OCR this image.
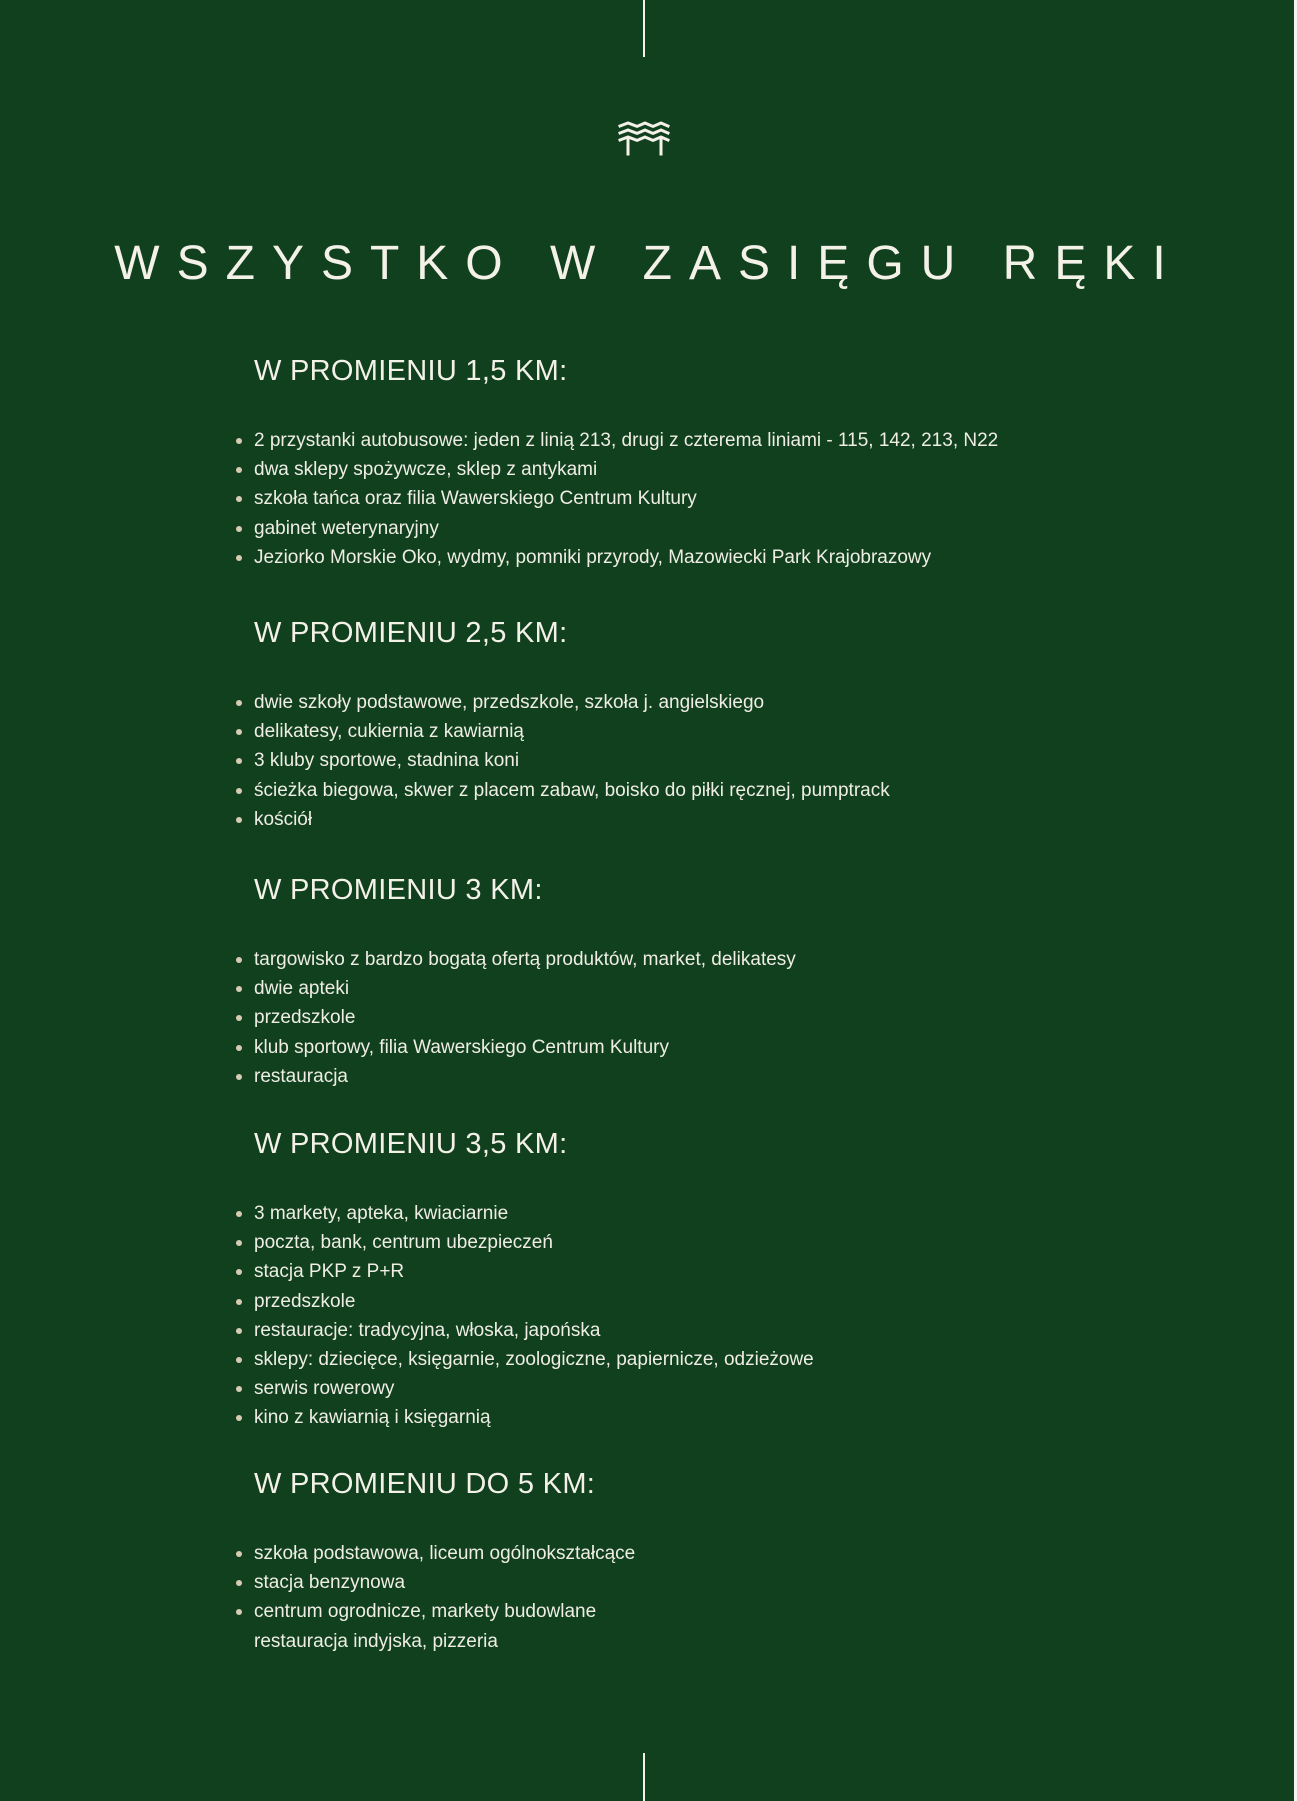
WSZYSTKO W ZASIĘGU RĘKI
W PROMIENIU 1,5 KM:
2 przystanki autobusowe: jeden z linią 213, drugi z czterema liniami - 115, 142, 213, N22
dwa sklepy spożywcze, sklep z antykami
szkoła tańca oraz filia Wawerskiego Centrum Kultury
gabinet weterynaryjny
Jeziorko Morskie Oko, wydmy, pomniki przyrody, Mazowiecki Park Krajobrazowy
W PROMIENIU 2,5 KM:
dwie szkoły podstawowe, przedszkole, szkoła j. angielskiego
delikatesy, cukiernia z kawiarnią
3 kluby sportowe, stadnina koni
ścieżka biegowa, skwer z placem zabaw, boisko do piłki ręcznej, pumptrack
kościół
W PROMIENIU 3 KM:
targowisko z bardzo bogatą ofertą produktów, market, delikatesy
dwie apteki
przedszkole
klub sportowy, filia Wawerskiego Centrum Kultury
restauracja
W PROMIENIU 3,5 KM:
3 markety, apteka, kwiaciarnie
poczta, bank, centrum ubezpieczeń
stacja PKP z P+R
przedszkole
restauracje: tradycyjna, włoska, japońska
sklepy: dziecięce, księgarnie, zoologiczne, papiernicze, odzieżowe
serwis rowerowy
kino z kawiarnią i księgarnią
W PROMIENIU DO 5 KM:
szkoła podstawowa, liceum ogólnokształcące
stacja benzynowa
centrum ogrodnicze, markety budowlane
restauracja indyjska, pizzeria
